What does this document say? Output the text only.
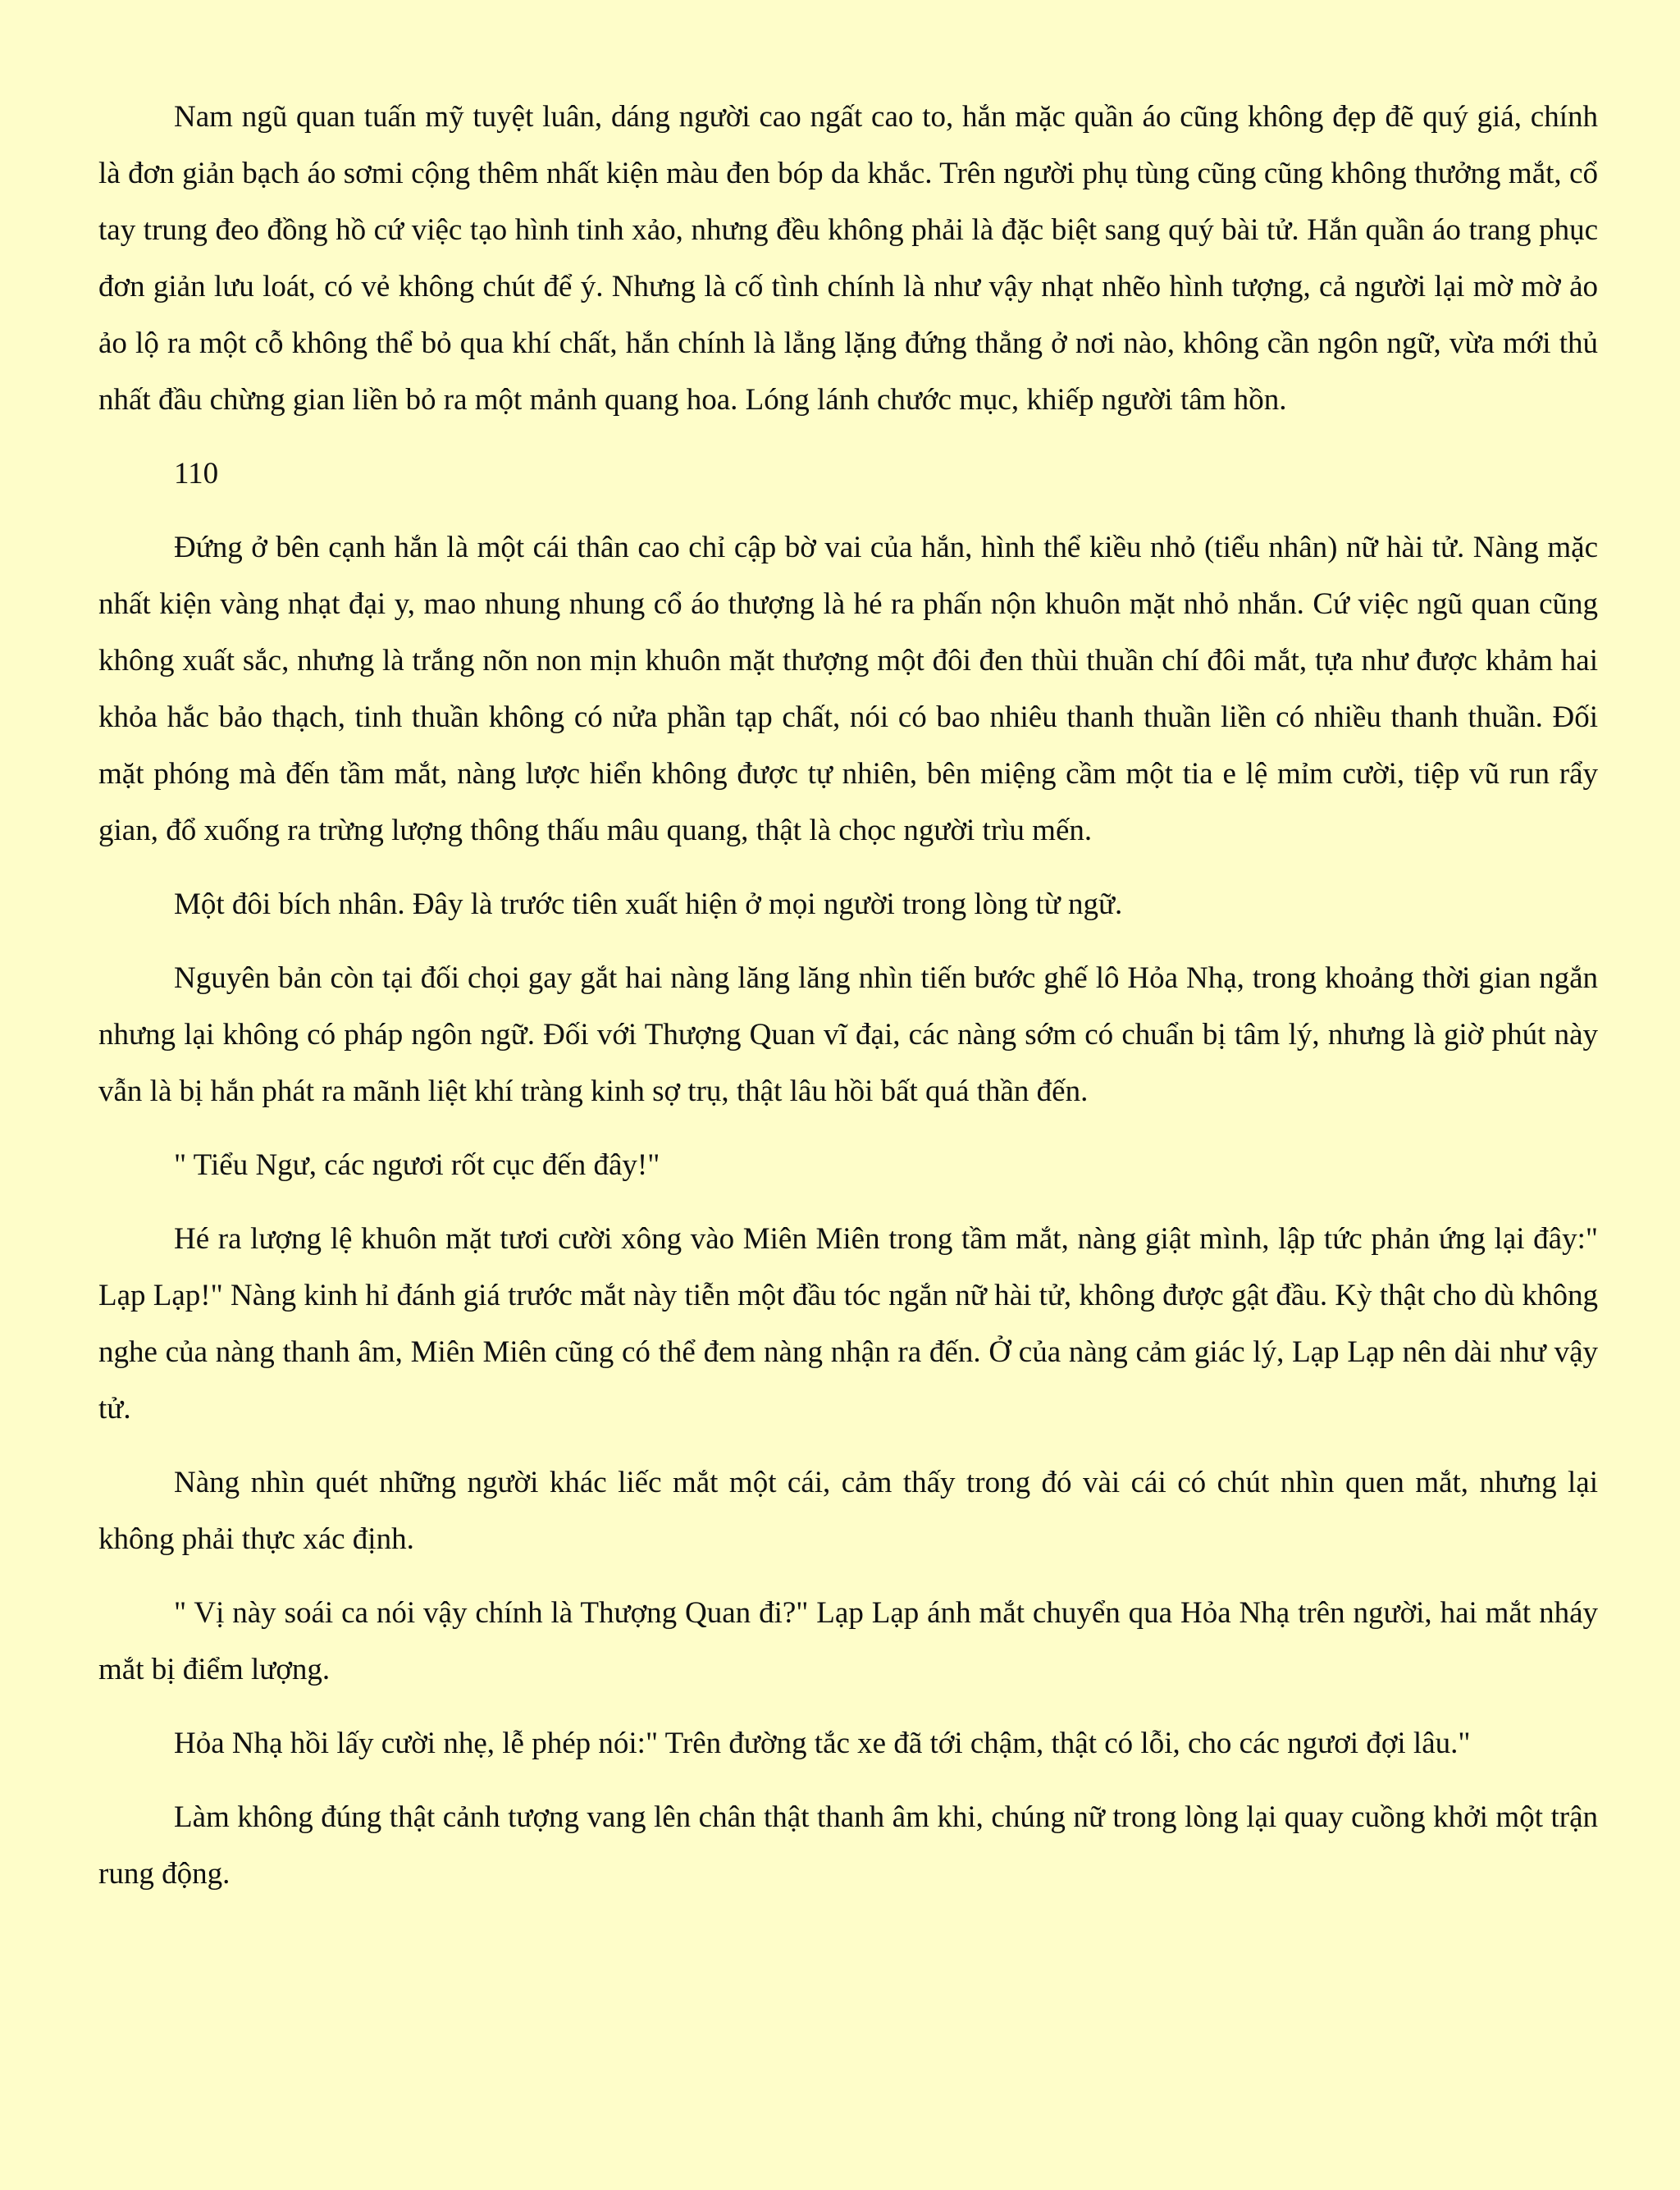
Nam ngũ quan tuấn mỹ tuyệt luân, dáng người cao ngất cao to, hắn mặc quần áo cũng không đẹp đẽ quý giá, chính là đơn giản bạch áo sơmi cộng thêm nhất kiện màu đen bóp da khắc. Trên người phụ tùng cũng cũng không thưởng mắt, cổ tay trung đeo đồng hồ cứ việc tạo hình tinh xảo, nhưng đều không phải là đặc biệt sang quý bài tử. Hắn quần áo trang phục đơn giản lưu loát, có vẻ không chút để ý. Nhưng là cố tình chính là như vậy nhạt nhẽo hình tượng, cả người lại mờ mờ ảo ảo lộ ra một cỗ không thể bỏ qua khí chất, hắn chính là lẳng lặng đứng thẳng ở nơi nào, không cần ngôn ngữ, vừa mới thủ nhất đầu chừng gian liền bỏ ra một mảnh quang hoa. Lóng lánh chước mục, khiếp người tâm hồn.

110

Đứng ở bên cạnh hắn là một cái thân cao chỉ cập bờ vai của hắn, hình thể kiều nhỏ (tiểu nhân) nữ hài tử. Nàng mặc nhất kiện vàng nhạt đại y, mao nhung nhung cổ áo thượng là hé ra phấn nộn khuôn mặt nhỏ nhắn. Cứ việc ngũ quan cũng không xuất sắc, nhưng là trắng nõn non mịn khuôn mặt thượng một đôi đen thùi thuần chí đôi mắt, tựa như được khảm hai khỏa hắc bảo thạch, tinh thuần không có nửa phần tạp chất, nói có bao nhiêu thanh thuần liền có nhiều thanh thuần. Đối mặt phóng mà đến tầm mắt, nàng lược hiển không được tự nhiên, bên miệng cầm một tia e lệ mỉm cười, tiệp vũ run rẩy gian, đổ xuống ra trừng lượng thông thấu mâu quang, thật là chọc người trìu mến.

Một đôi bích nhân. Đây là trước tiên xuất hiện ở mọi người trong lòng từ ngữ.

Nguyên bản còn tại đối chọi gay gắt hai nàng lăng lăng nhìn tiến bước ghế lô Hỏa Nhạ, trong khoảng thời gian ngắn nhưng lại không có pháp ngôn ngữ. Đối với Thượng Quan vĩ đại, các nàng sớm có chuẩn bị tâm lý, nhưng là giờ phút này vẫn là bị hắn phát ra mãnh liệt khí tràng kinh sợ trụ, thật lâu hồi bất quá thần đến.

" Tiểu Ngư, các ngươi rốt cục đến đây!"

Hé ra lượng lệ khuôn mặt tươi cười xông vào Miên Miên trong tầm mắt, nàng giật mình, lập tức phản ứng lại đây:" Lạp Lạp!" Nàng kinh hỉ đánh giá trước mắt này tiễn một đầu tóc ngắn nữ hài tử, không được gật đầu. Kỳ thật cho dù không nghe của nàng thanh âm, Miên Miên cũng có thể đem nàng nhận ra đến. Ở của nàng cảm giác lý, Lạp Lạp nên dài như vậy tử.

Nàng nhìn quét những người khác liếc mắt một cái, cảm thấy trong đó vài cái có chút nhìn quen mắt, nhưng lại không phải thực xác định.

" Vị này soái ca nói vậy chính là Thượng Quan đi?" Lạp Lạp ánh mắt chuyển qua Hỏa Nhạ trên người, hai mắt nháy mắt bị điểm lượng.

Hỏa Nhạ hồi lấy cười nhẹ, lễ phép nói:" Trên đường tắc xe đã tới chậm, thật có lỗi, cho các ngươi đợi lâu."

Làm không đúng thật cảnh tượng vang lên chân thật thanh âm khi, chúng nữ trong lòng lại quay cuồng khởi một trận rung động.
